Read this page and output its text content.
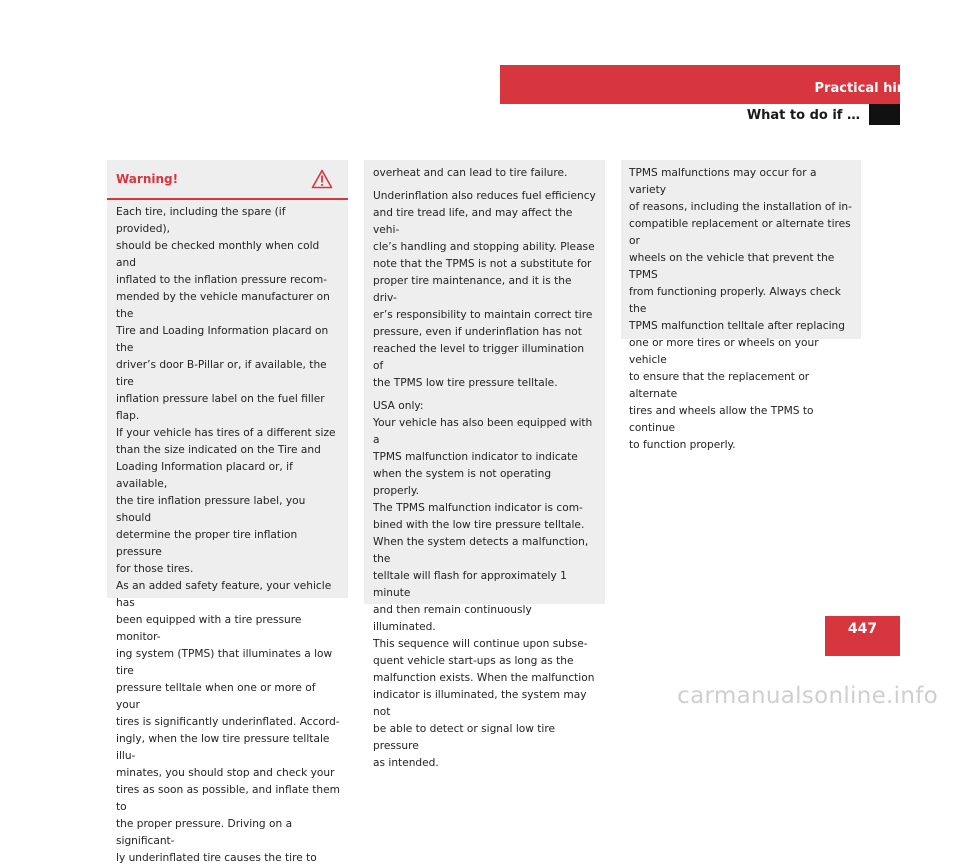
Practical hints
What to do if …
Warning!

Each tire, including the spare (if provided),
should be checked monthly when cold and
inflated to the inflation pressure recom-
mended by the vehicle manufacturer on the
Tire and Loading Information placard on the
driver’s door B-Pillar or, if available, the tire
inflation pressure label on the fuel filler flap.
If your vehicle has tires of a different size
than the size indicated on the Tire and
Loading Information placard or, if available,
the tire inflation pressure label, you should
determine the proper tire inflation pressure
for those tires.
As an added safety feature, your vehicle has
been equipped with a tire pressure monitor-
ing system (TPMS) that illuminates a low tire
pressure telltale when one or more of your
tires is significantly underinflated. Accord-
ingly, when the low tire pressure telltale illu-
minates, you should stop and check your
tires as soon as possible, and inflate them to
the proper pressure. Driving on a significant-
ly underinflated tire causes the tire to

overheat and can lead to tire failure.

Underinflation also reduces fuel efficiency
and tire tread life, and may affect the vehi-
cle’s handling and stopping ability. Please
note that the TPMS is not a substitute for
proper tire maintenance, and it is the driv-
er’s responsibility to maintain correct tire
pressure, even if underinflation has not
reached the level to trigger illumination of
the TPMS low tire pressure telltale.

USA only:
Your vehicle has also been equipped with a
TPMS malfunction indicator to indicate
when the system is not operating properly.
The TPMS malfunction indicator is com-
bined with the low tire pressure telltale.
When the system detects a malfunction, the
telltale will flash for approximately 1 minute
and then remain continuously illuminated.
This sequence will continue upon subse-
quent vehicle start-ups as long as the
malfunction exists. When the malfunction
indicator is illuminated, the system may not
be able to detect or signal low tire pressure
as intended.

TPMS malfunctions may occur for a variety
of reasons, including the installation of in-
compatible replacement or alternate tires or
wheels on the vehicle that prevent the TPMS
from functioning properly. Always check the
TPMS malfunction telltale after replacing
one or more tires or wheels on your vehicle
to ensure that the replacement or alternate
tires and wheels allow the TPMS to continue
to function properly.

447
carmanualsonline.info
